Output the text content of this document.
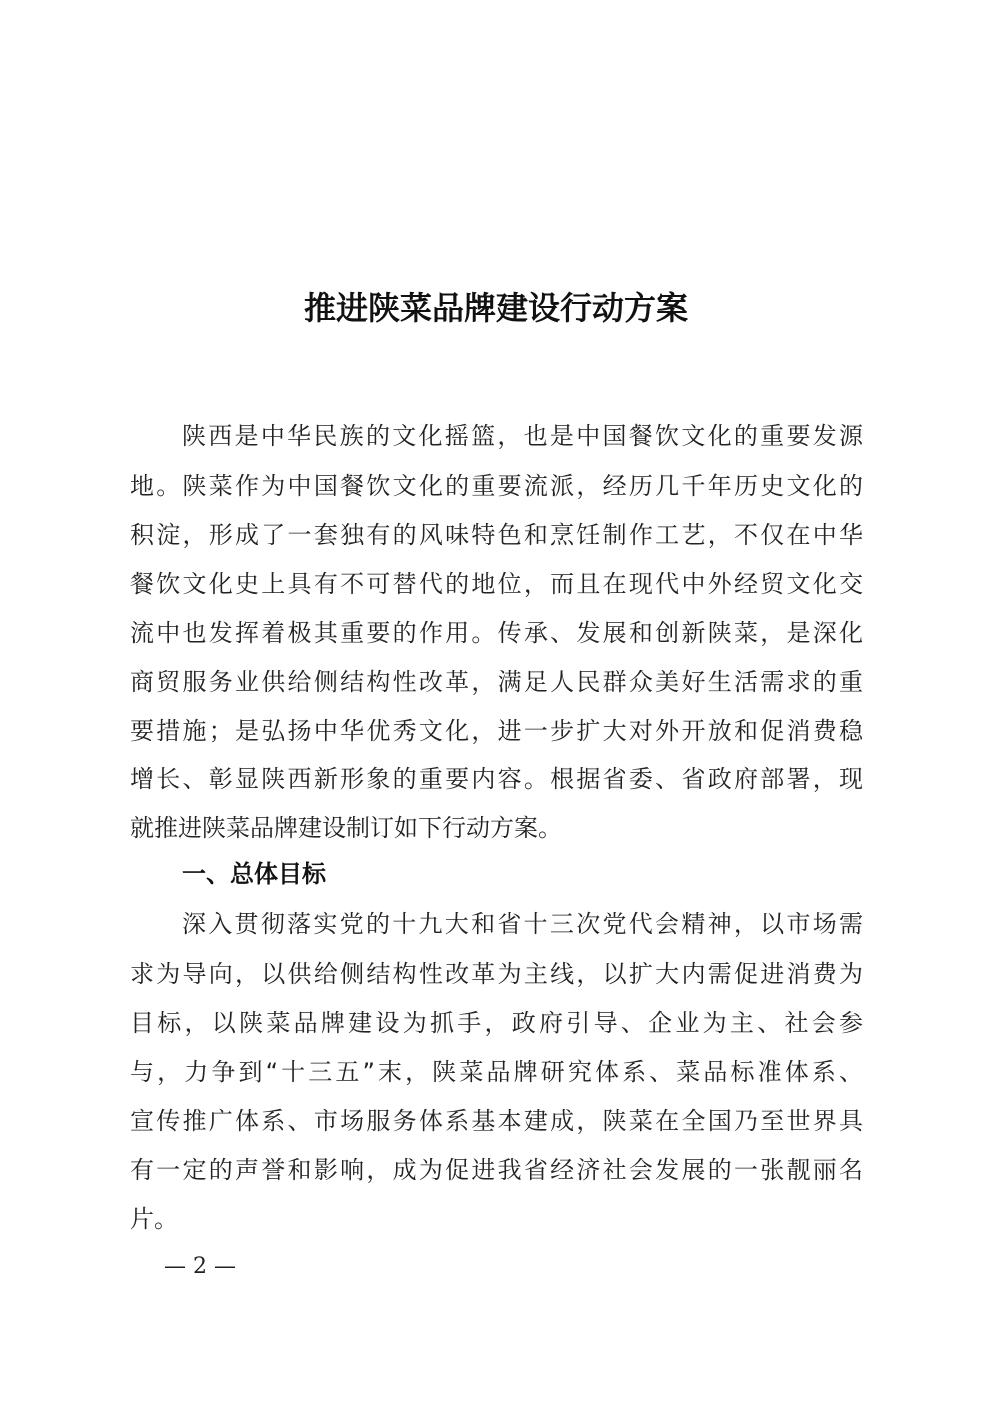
推进陕菜品牌建设行动方案
陕西是中华民族的文化摇篮，也是中国餐饮文化的重要发源
地。陕菜作为中国餐饮文化的重要流派，经历几千年历史文化的
积淀，形成了一套独有的风味特色和烹饪制作工艺，不仅在中华
餐饮文化史上具有不可替代的地位，而且在现代中外经贸文化交
流中也发挥着极其重要的作用。传承、发展和创新陕菜，是深化
商贸服务业供给侧结构性改革，满足人民群众美好生活需求的重
要措施；是弘扬中华优秀文化，进一步扩大对外开放和促消费稳
增长、彰显陕西新形象的重要内容。根据省委、省政府部署，现
就推进陕菜品牌建设制订如下行动方案。
一、总体目标
深入贯彻落实党的十九大和省十三次党代会精神，以市场需
求为导向，以供给侧结构性改革为主线，以扩大内需促进消费为
目标，以陕菜品牌建设为抓手，政府引导、企业为主、社会参
与，力争到“十三五”末，陕菜品牌研究体系、菜品标准体系、
宣传推广体系、市场服务体系基本建成，陕菜在全国乃至世界具
有一定的声誉和影响，成为促进我省经济社会发展的一张靓丽名
片。
— 2 —
